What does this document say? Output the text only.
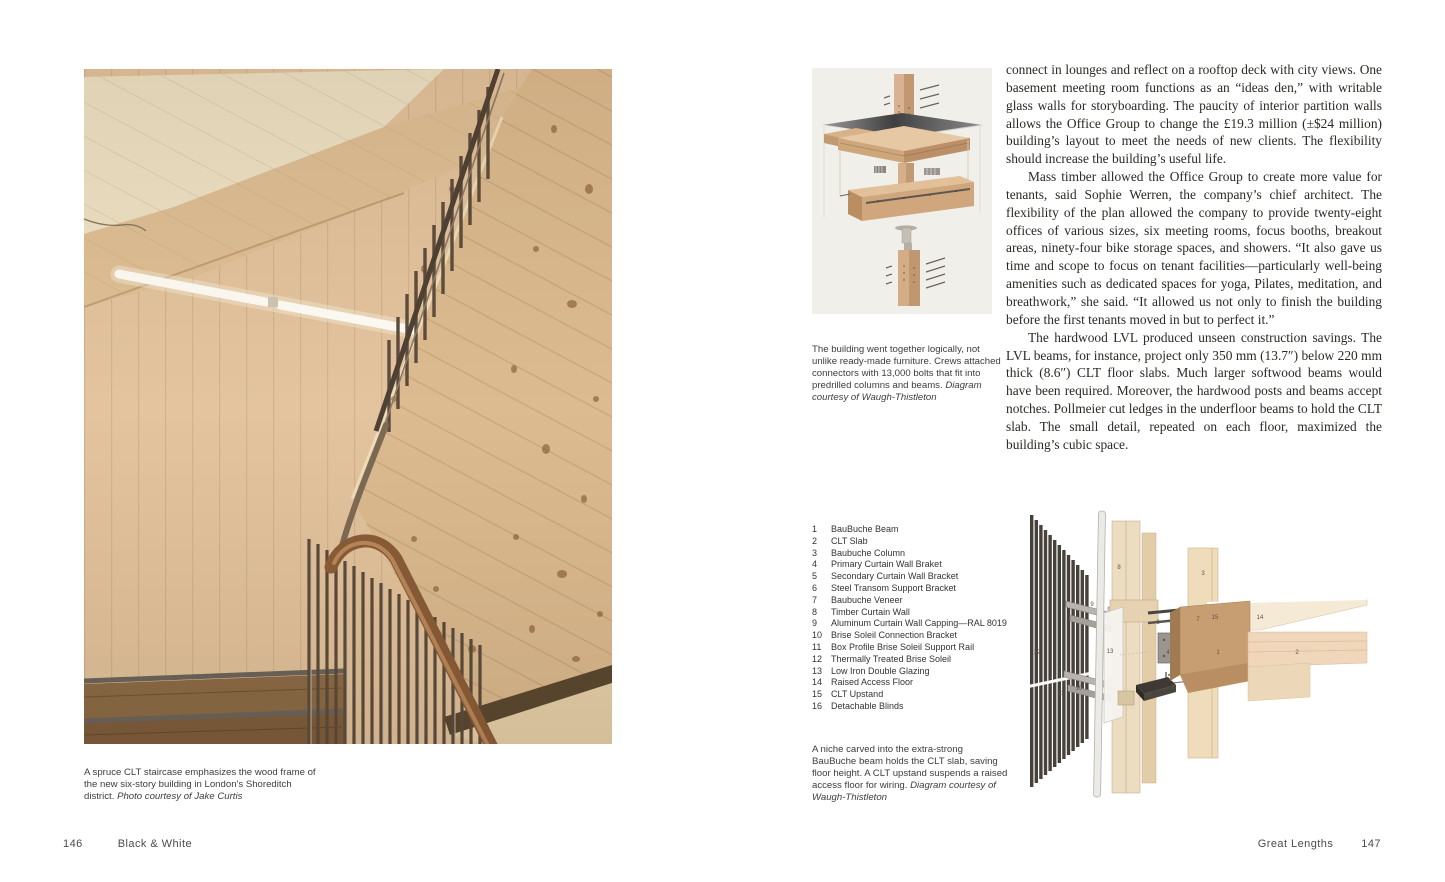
A spruce CLT staircase emphasizes the wood frame of the new six-story building in London's Shoreditch district. Photo courtesy of Jake Curtis
146	Black & White
The building went together logically, not unlike ready-made furniture. Crews attached connectors with 13,000 bolts that fit into predrilled columns and beams. Diagram courtesy of Waugh-Thistleton

connect in lounges and reflect on a rooftop deck with city views. One basement meeting room functions as an “ideas den,” with writable glass walls for storyboarding. The paucity of interior partition walls allows the Office Group to change the £19.3 million (±$24 million) building’s layout to meet the needs of new clients. The flexibility should increase the building’s useful life.

Mass timber allowed the Office Group to create more value for tenants, said Sophie Werren, the company’s chief architect. The flexibility of the plan allowed the company to provide twenty-eight offices of various sizes, six meeting rooms, focus booths, breakout areas, ninety-four bike storage spaces, and showers. “It also gave us time and scope to focus on tenant facilities—particularly well-being amenities such as dedicated spaces for yoga, Pilates, meditation, and breathwork,” she said. “It allowed us not only to finish the building before the first tenants moved in but to perfect it.”

The hardwood LVL produced unseen construction savings. The LVL beams, for instance, project only 350 mm (13.7″) below 220 mm thick (8.6″) CLT floor slabs. Much larger softwood beams would have been required. Moreover, the hardwood posts and beams accept notches. Pollmeier cut ledges in the underfloor beams to hold the CLT slab. The small detail, repeated on each floor, maximized the building’s cubic space.

1	BauBuche Beam
2	CLT Slab
3	Baubuche Column
4	Primary Curtain Wall Braket
5	Secondary Curtain Wall Bracket
6	Steel Transom Support Bracket
7	Baubuche Veneer
8	Timber Curtain Wall
9	Aluminum Curtain Wall Capping—RAL 8019
10 Brise Soleil Connection Bracket
11	Box Profile Brise Soleil Support Rail
12 Thermally Treated Brise Soleil
13 Low Iron Double Glazing
14 Raised Access Floor
15 CLT Upstand
16 Detachable Blinds
A niche carved into the extra-strong BauBuche beam holds the CLT slab, saving floor height. A CLT upstand suspends a raised access floor for wiring. Diagram courtesy of Waugh-Thistleton
1	2
3
4
5
6	7
8
9
10
11
12	13
14
15
16
Great Lengths	147
